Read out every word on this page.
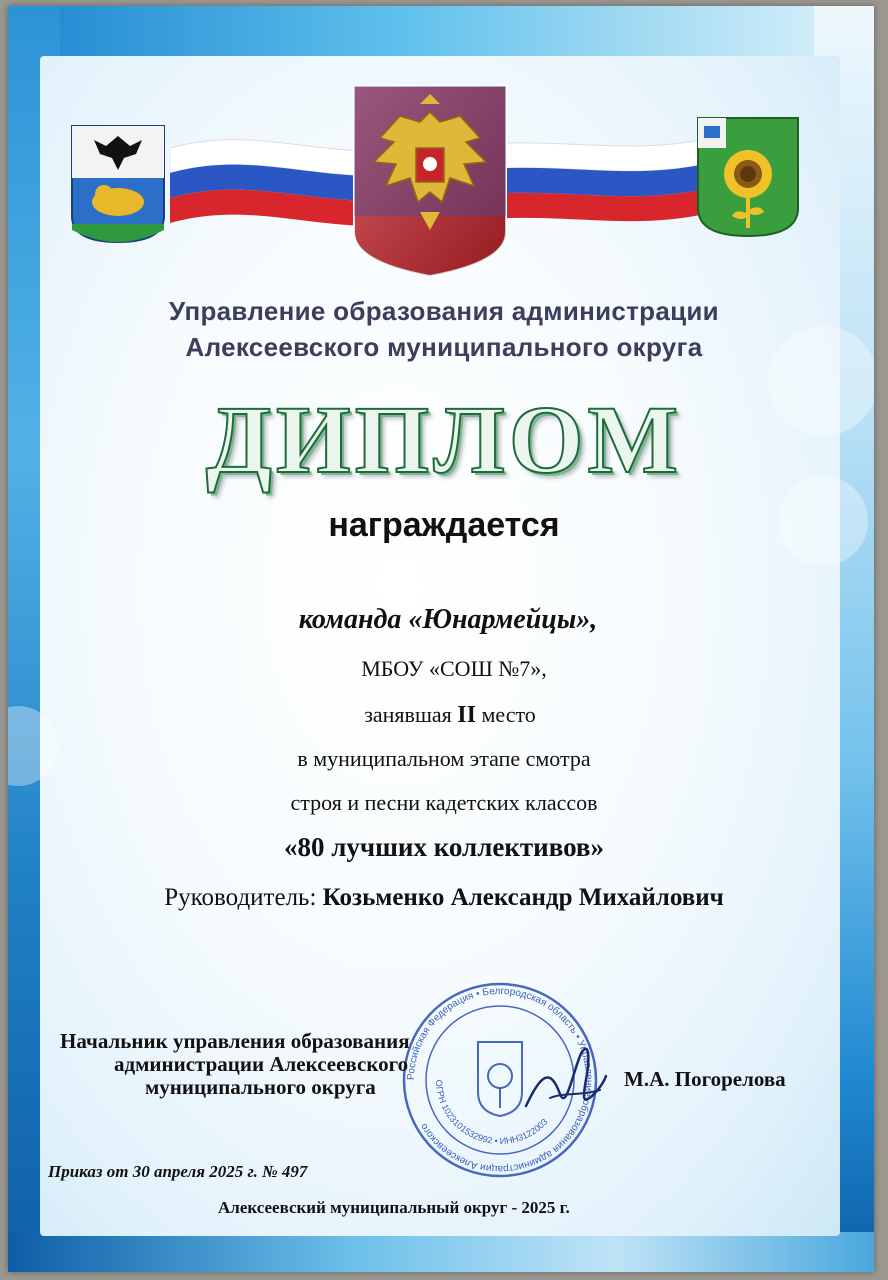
Управление образования администрации
Алексеевского муниципального округа
ДИПЛОМ
награждается
команда «Юнармейцы»,
МБОУ «СОШ №7»,
занявшая II место
в муниципальном этапе смотра
строя и песни кадетских классов
«80 лучших коллективов»
Руководитель: Козьменко Александр Михайлович
Российская Федерация • Белгородская область • Управление образования администрации Алексеевского
ОГРН 1023101532992 • ИНН3122003
Начальник управления образования
администрации Алексеевского
муниципального округа	М.А. Погорелова
Приказ от 30 апреля 2025 г. № 497
Алексеевский муниципальный округ - 2025 г.
